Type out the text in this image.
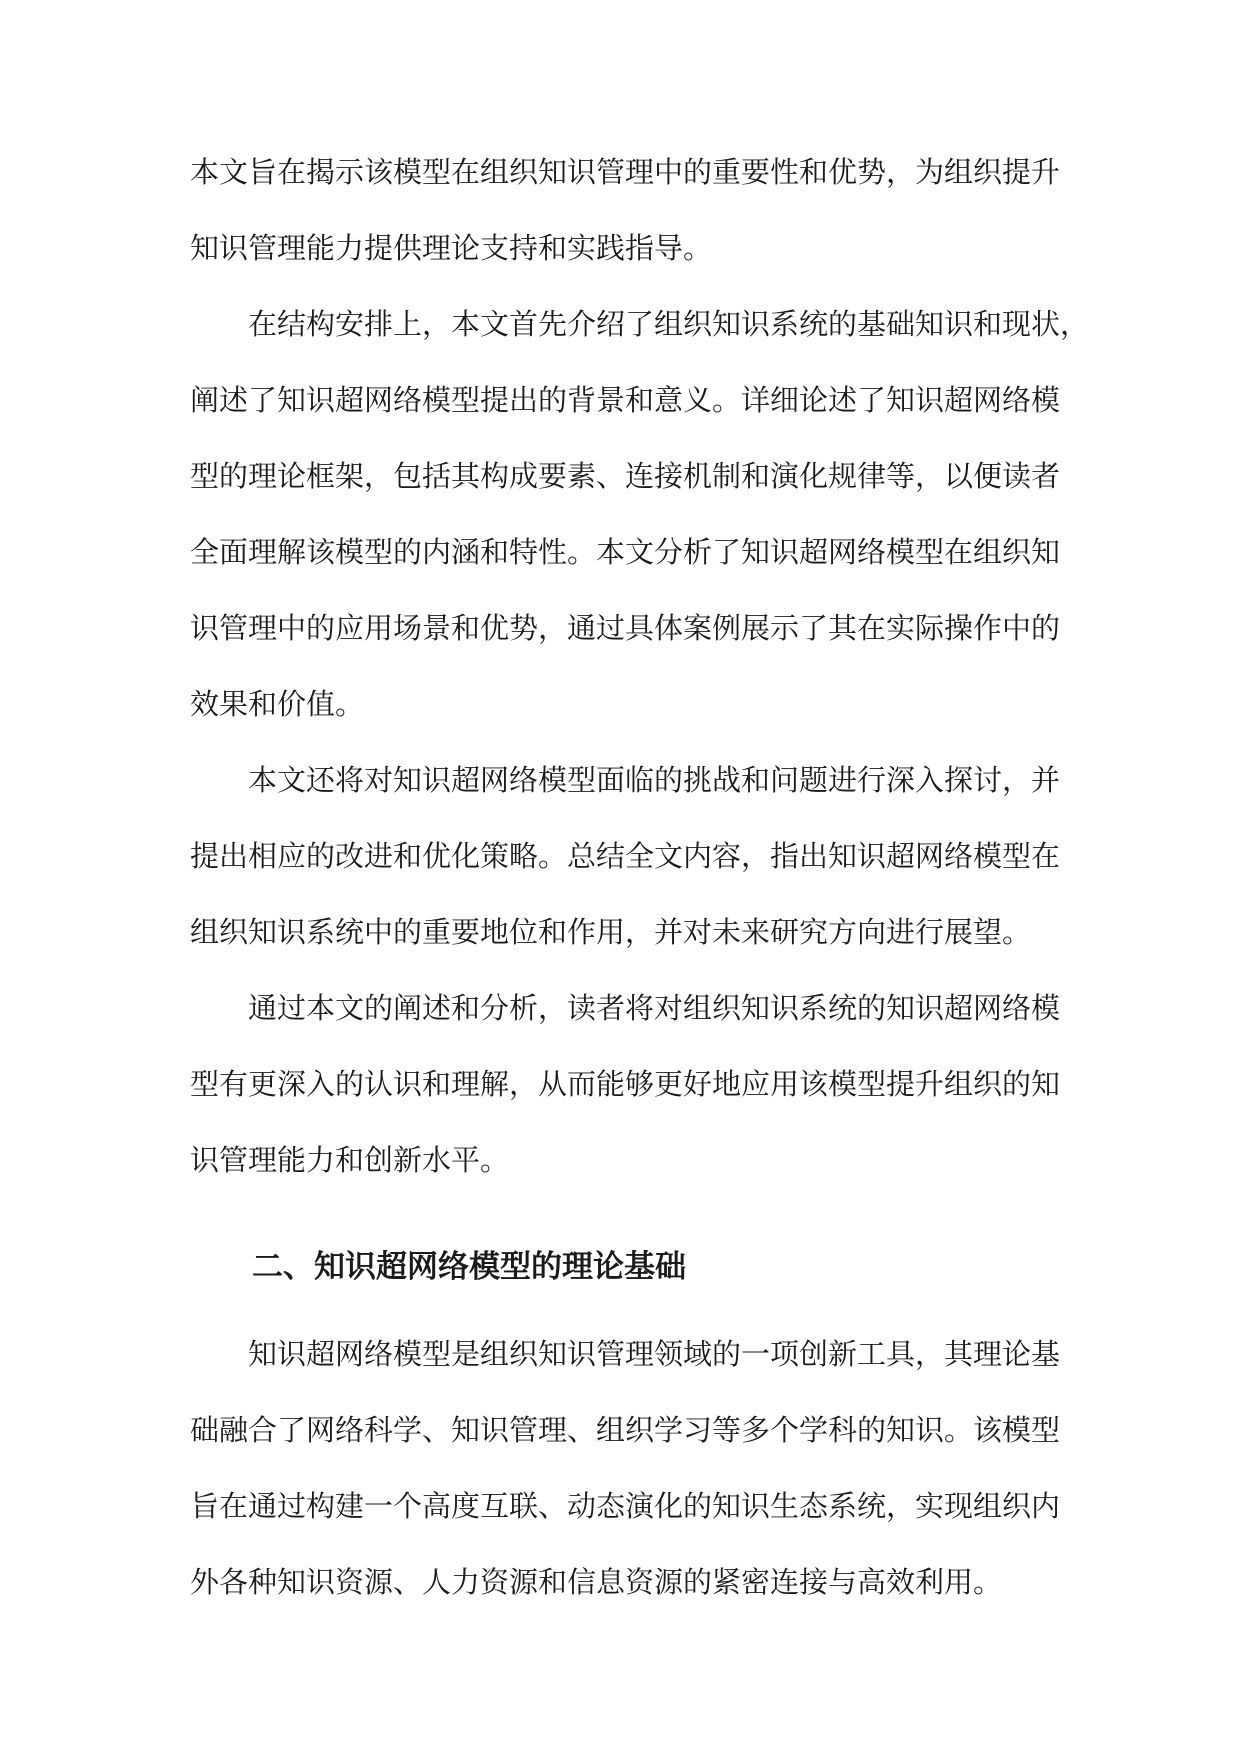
本文旨在揭示该模型在组织知识管理中的重要性和优势，为组织提升
知识管理能力提供理论支持和实践指导。
在结构安排上，本文首先介绍了组织知识系统的基础知识和现状，
阐述了知识超网络模型提出的背景和意义。详细论述了知识超网络模
型的理论框架，包括其构成要素、连接机制和演化规律等，以便读者
全面理解该模型的内涵和特性。本文分析了知识超网络模型在组织知
识管理中的应用场景和优势，通过具体案例展示了其在实际操作中的
效果和价值。
本文还将对知识超网络模型面临的挑战和问题进行深入探讨，并
提出相应的改进和优化策略。总结全文内容，指出知识超网络模型在
组织知识系统中的重要地位和作用，并对未来研究方向进行展望。
通过本文的阐述和分析，读者将对组织知识系统的知识超网络模
型有更深入的认识和理解，从而能够更好地应用该模型提升组织的知
识管理能力和创新水平。
二、知识超网络模型的理论基础
知识超网络模型是组织知识管理领域的一项创新工具，其理论基
础融合了网络科学、知识管理、组织学习等多个学科的知识。该模型
旨在通过构建一个高度互联、动态演化的知识生态系统，实现组织内
外各种知识资源、人力资源和信息资源的紧密连接与高效利用。
